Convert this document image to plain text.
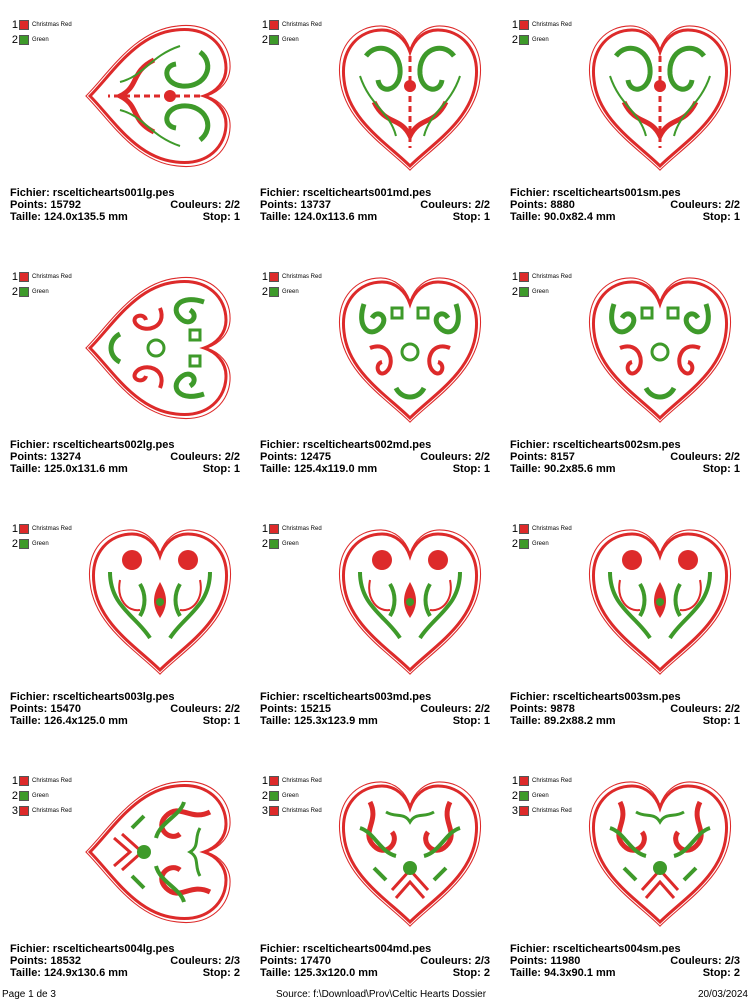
1 Christmas Red
2 Green
Fichier: rsceltichearts001lg.pes
Points: 15792	Couleurs: 2/2
Taille: 124.0x135.5 mm	Stop: 1
1 Christmas Red
2 Green
Fichier: rsceltichearts001md.pes
Points: 13737	Couleurs: 2/2
Taille: 124.0x113.6 mm	Stop: 1
1 Christmas Red
2 Green
Fichier: rsceltichearts001sm.pes
Points: 8880	Couleurs: 2/2
Taille: 90.0x82.4 mm	Stop: 1
1 Christmas Red
2 Green
Fichier: rsceltichearts002lg.pes
Points: 13274	Couleurs: 2/2
Taille: 125.0x131.6 mm	Stop: 1
1 Christmas Red
2 Green
Fichier: rsceltichearts002md.pes
Points: 12475	Couleurs: 2/2
Taille: 125.4x119.0 mm	Stop: 1
1 Christmas Red
2 Green
Fichier: rsceltichearts002sm.pes
Points: 8157	Couleurs: 2/2
Taille: 90.2x85.6 mm	Stop: 1
1 Christmas Red
2 Green
Fichier: rsceltichearts003lg.pes
Points: 15470	Couleurs: 2/2
Taille: 126.4x125.0 mm	Stop: 1
1 Christmas Red
2 Green
Fichier: rsceltichearts003md.pes
Points: 15215	Couleurs: 2/2
Taille: 125.3x123.9 mm	Stop: 1
1 Christmas Red
2 Green
Fichier: rsceltichearts003sm.pes
Points: 9878	Couleurs: 2/2
Taille: 89.2x88.2 mm	Stop: 1
1 Christmas Red
2 Green
3 Christmas Red
Fichier: rsceltichearts004lg.pes
Points: 18532	Couleurs: 2/3
Taille: 124.9x130.6 mm	Stop: 2
1 Christmas Red
2 Green
3 Christmas Red
Fichier: rsceltichearts004md.pes
Points: 17470	Couleurs: 2/3
Taille: 125.3x120.0 mm	Stop: 2
1 Christmas Red
2 Green
3 Christmas Red
Fichier: rsceltichearts004sm.pes
Points: 11980	Couleurs: 2/3
Taille: 94.3x90.1 mm	Stop: 2
Page 1 de 3	Source: f:\Download\Prov\Celtic Hearts Dossier	20/03/2024
